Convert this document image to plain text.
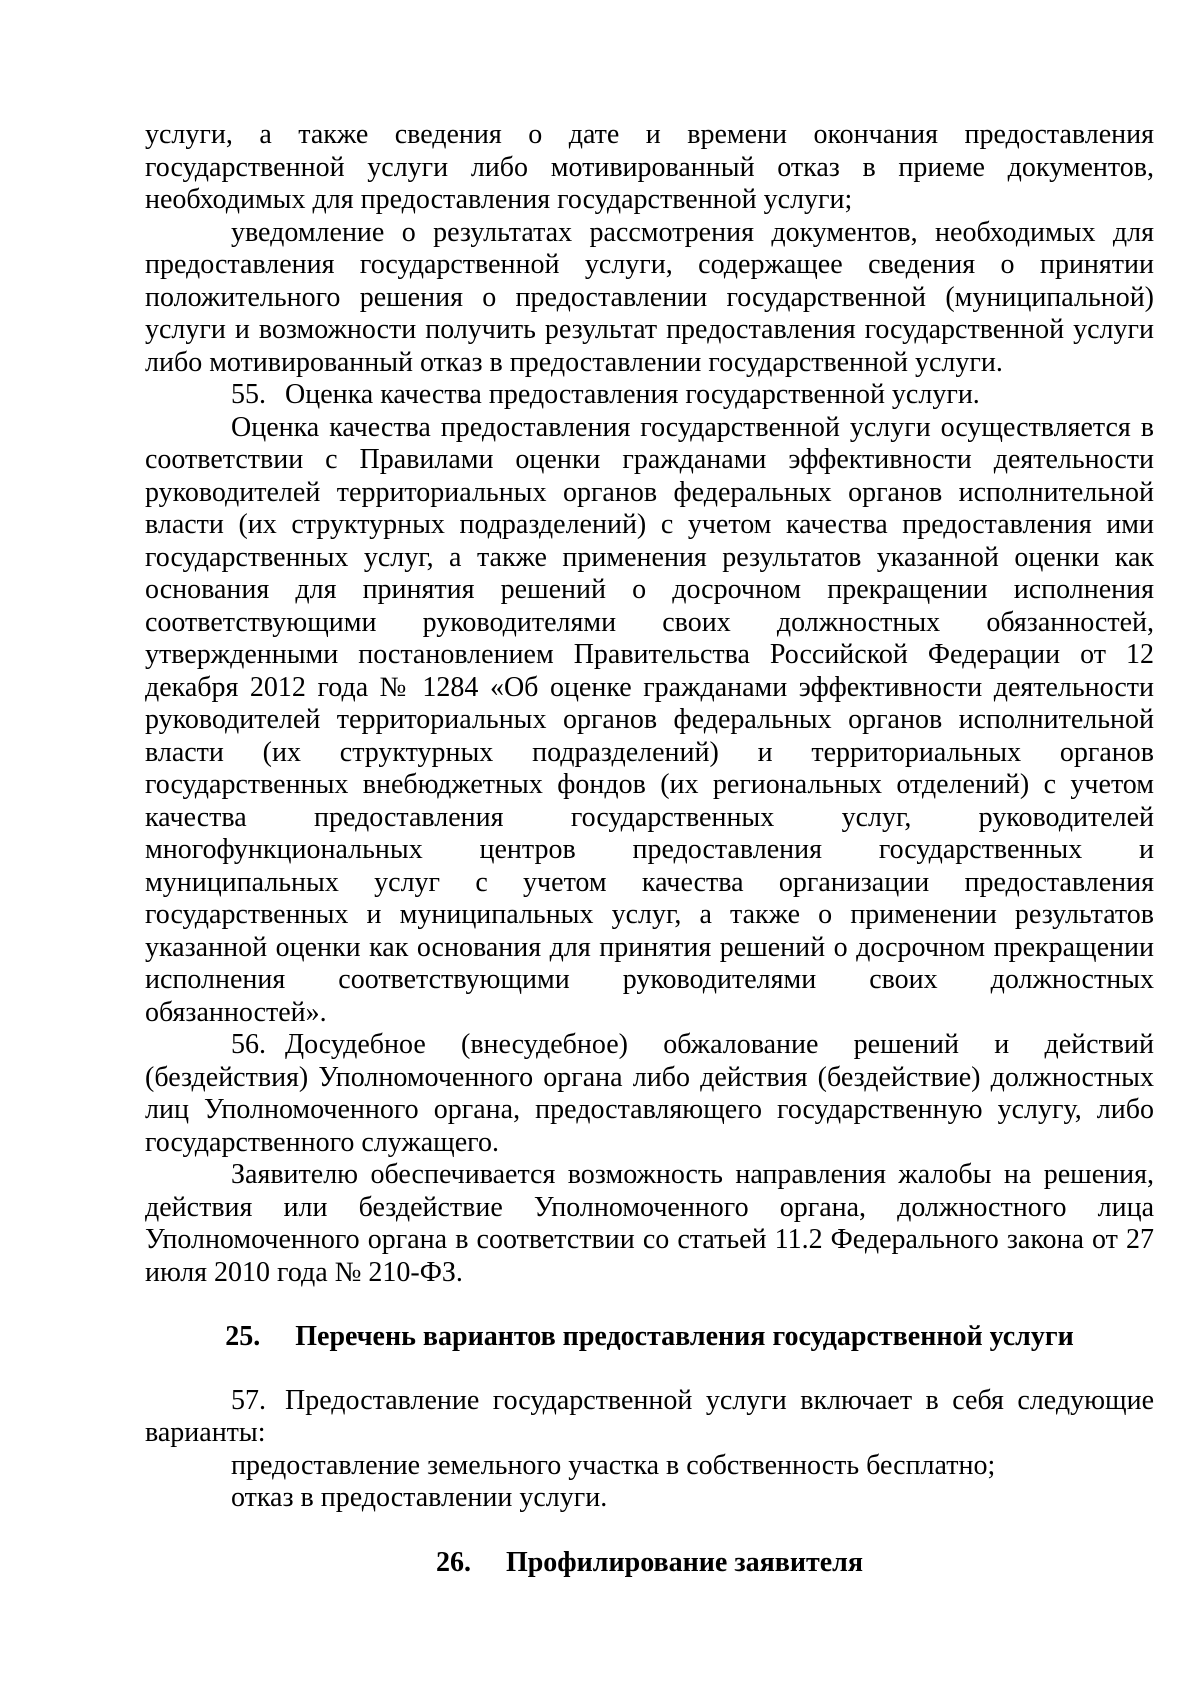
услуги, а также сведения о дате и времени окончания предоставления государственной услуги либо мотивированный отказ в приеме документов, необходимых для предоставления государственной услуги;

уведомление о результатах рассмотрения документов, необходимых для предоставления государственной услуги, содержащее сведения о принятии положительного решения о предоставлении государственной (муниципальной) услуги и возможности получить результат предоставления государственной услуги либо мотивированный отказ в предоставлении государственной услуги.

55. Оценка качества предоставления государственной услуги.

Оценка качества предоставления государственной услуги осуществляется в соответствии с Правилами оценки гражданами эффективности деятельности руководителей территориальных органов федеральных органов исполнительной власти (их структурных подразделений) с учетом качества предоставления ими государственных услуг, а также применения результатов указанной оценки как основания для принятия решений о досрочном прекращении исполнения соответствующими руководителями своих должностных обязанностей, утвержденными постановлением Правительства Российской Федерации от 12 декабря 2012 года № 1284 «Об оценке гражданами эффективности деятельности руководителей территориальных органов федеральных органов исполнительной власти (их структурных подразделений) и территориальных органов государственных внебюджетных фондов (их региональных отделений) с учетом качества предоставления государственных услуг, руководителей многофункциональных центров предоставления государственных и муниципальных услуг с учетом качества организации предоставления государственных и муниципальных услуг, а также о применении результатов указанной оценки как основания для принятия решений о досрочном прекращении исполнения соответствующими руководителями своих должностных обязанностей».

56. Досудебное (внесудебное) обжалование решений и действий (бездействия) Уполномоченного органа либо действия (бездействие) должностных лиц Уполномоченного органа, предоставляющего государственную услугу, либо государственного служащего.

Заявителю обеспечивается возможность направления жалобы на решения, действия или бездействие Уполномоченного органа, должностного лица Уполномоченного органа в соответствии со статьей 11.2 Федерального закона от 27 июля 2010 года № 210-ФЗ.

25.	Перечень вариантов предоставления государственной услуги

57. Предоставление государственной услуги включает в себя следующие варианты:

предоставление земельного участка в собственность бесплатно;

отказ в предоставлении услуги.

26.	Профилирование заявителя
